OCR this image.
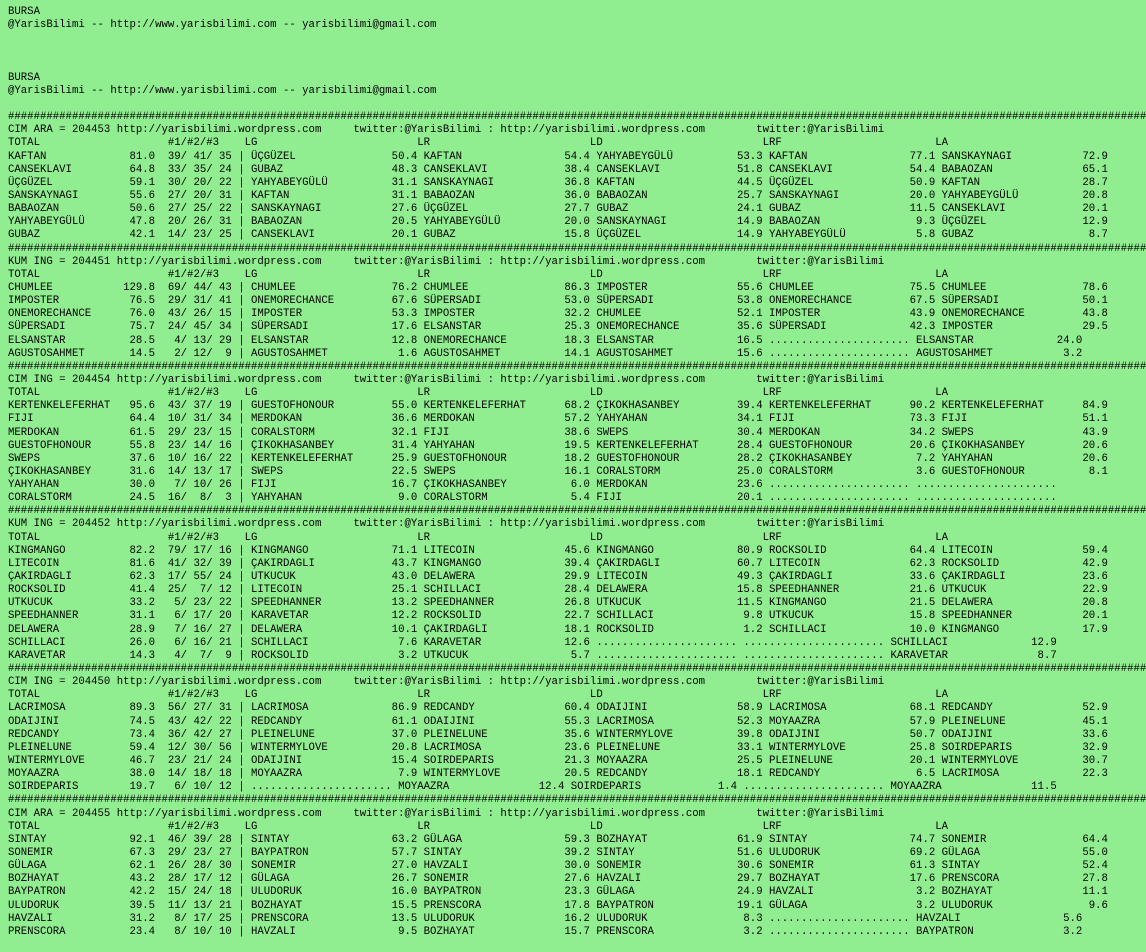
BURSA
@YarisBilimi -- http://www.yarisbilimi.com -- yarisbilimi@gmail.com
BURSA
@YarisBilimi -- http://www.yarisbilimi.com -- yarisbilimi@gmail.com
##################################################################################################################################################################################
CIM ARA = 204453 http://yarisbilimi.wordpress.com     twitter:@YarisBilimi : http://yarisbilimi.wordpress.com        twitter:@YarisBilimi
TOTAL                    #1/#2/#3    LG                         LR                         LD                         LRF                        LA
KAFTAN             81.0  39/ 41/ 35 | ÜÇGÜZEL               50.4 KAFTAN                54.4 YAHYABEYGÜLÜ          53.3 KAFTAN                77.1 SANSKAYNAGI           72.9
CANSEKLAVI         64.8  33/ 35/ 24 | GUBAZ                 48.3 CANSEKLAVI            38.4 CANSEKLAVI            51.8 CANSEKLAVI            54.4 BABAOZAN              65.1
ÜÇGÜZEL            59.1  30/ 20/ 22 | YAHYABEYGÜLÜ          31.1 SANSKAYNAGI           36.8 KAFTAN                44.5 ÜÇGÜZEL               50.9 KAFTAN                28.7
SANSKAYNAGI        55.6  27/ 20/ 31 | KAFTAN                31.1 BABAOZAN              36.0 BABAOZAN              25.7 SANSKAYNAGI           20.0 YAHYABEYGÜLÜ          20.8
BABAOZAN           50.6  27/ 25/ 22 | SANSKAYNAGI           27.6 ÜÇGÜZEL               27.7 GUBAZ                 24.1 GUBAZ                 11.5 CANSEKLAVI            20.1
YAHYABEYGÜLÜ       47.8  20/ 26/ 31 | BABAOZAN              20.5 YAHYABEYGÜLÜ          20.0 SANSKAYNAGI           14.9 BABAOZAN               9.3 ÜÇGÜZEL               12.9
GUBAZ              42.1  14/ 23/ 25 | CANSEKLAVI            20.1 GUBAZ                 15.8 ÜÇGÜZEL               14.9 YAHYABEYGÜLÜ           5.8 GUBAZ                  8.7
##################################################################################################################################################################################
KUM ING = 204451 http://yarisbilimi.wordpress.com     twitter:@YarisBilimi : http://yarisbilimi.wordpress.com        twitter:@YarisBilimi
TOTAL                    #1/#2/#3    LG                         LR                         LD                         LRF                        LA
CHUMLEE           129.8  69/ 44/ 43 | CHUMLEE               76.2 CHUMLEE               86.3 IMPOSTER              55.6 CHUMLEE               75.5 CHUMLEE               78.6
IMPOSTER           76.5  29/ 31/ 41 | ONEMORECHANCE         67.6 SÜPERSADI             53.0 SÜPERSADI             53.8 ONEMORECHANCE         67.5 SÜPERSADI             50.1
ONEMORECHANCE      76.0  43/ 26/ 15 | IMPOSTER              53.3 IMPOSTER              32.2 CHUMLEE               52.1 IMPOSTER              43.9 ONEMORECHANCE         43.8
SÜPERSADI          75.7  24/ 45/ 34 | SÜPERSADI             17.6 ELSANSTAR             25.3 ONEMORECHANCE         35.6 SÜPERSADI             42.3 IMPOSTER              29.5
ELSANSTAR          28.5   4/ 13/ 29 | ELSANSTAR             12.8 ONEMORECHANCE         18.3 ELSANSTAR             16.5 ...................... ELSANSTAR             24.0
AGUSTOSAHMET       14.5   2/ 12/  9 | AGUSTOSAHMET           1.6 AGUSTOSAHMET          14.1 AGUSTOSAHMET          15.6 ...................... AGUSTOSAHMET           3.2
##################################################################################################################################################################################
CIM ING = 204454 http://yarisbilimi.wordpress.com     twitter:@YarisBilimi : http://yarisbilimi.wordpress.com        twitter:@YarisBilimi
TOTAL                    #1/#2/#3    LG                         LR                         LD                         LRF                        LA
KERTENKELEFERHAT   95.6  43/ 37/ 19 | GUESTOFHONOUR         55.0 KERTENKELEFERHAT      68.2 ÇIKOKHASANBEY         39.4 KERTENKELEFERHAT      90.2 KERTENKELEFERHAT      84.9
FIJI               64.4  10/ 31/ 34 | MERDOKAN              36.6 MERDOKAN              57.2 YAHYAHAN              34.1 FIJI                  73.3 FIJI                  51.1
MERDOKAN           61.5  29/ 23/ 15 | CORALSTORM            32.1 FIJI                  38.6 SWEPS                 30.4 MERDOKAN              34.2 SWEPS                 43.9
GUESTOFHONOUR      55.8  23/ 14/ 16 | ÇIKOKHASANBEY         31.4 YAHYAHAN              19.5 KERTENKELEFERHAT      28.4 GUESTOFHONOUR         20.6 ÇIKOKHASANBEY         20.6
SWEPS              37.6  10/ 16/ 22 | KERTENKELEFERHAT      25.9 GUESTOFHONOUR         18.2 GUESTOFHONOUR         28.2 ÇIKOKHASANBEY          7.2 YAHYAHAN              20.6
ÇIKOKHASANBEY      31.6  14/ 13/ 17 | SWEPS                 22.5 SWEPS                 16.1 CORALSTORM            25.0 CORALSTORM             3.6 GUESTOFHONOUR          8.1
YAHYAHAN           30.0   7/ 10/ 26 | FIJI                  16.7 ÇIKOKHASANBEY          6.0 MERDOKAN              23.6 ...................... ......................
CORALSTORM         24.5  16/  8/  3 | YAHYAHAN               9.0 CORALSTORM             5.4 FIJI                  20.1 ...................... ......................
##################################################################################################################################################################################
KUM ING = 204452 http://yarisbilimi.wordpress.com     twitter:@YarisBilimi : http://yarisbilimi.wordpress.com        twitter:@YarisBilimi
TOTAL                    #1/#2/#3    LG                         LR                         LD                         LRF                        LA
KINGMANGO          82.2  79/ 17/ 16 | KINGMANGO             71.1 LITECOIN              45.6 KINGMANGO             80.9 ROCKSOLID             64.4 LITECOIN              59.4
LITECOIN           81.6  41/ 32/ 39 | ÇAKIRDAGLI            43.7 KINGMANGO             39.4 ÇAKIRDAGLI            60.7 LITECOIN              62.3 ROCKSOLID             42.9
ÇAKIRDAGLI         62.3  17/ 55/ 24 | UTKUCUK               43.0 DELAWERA              29.9 LITECOIN              49.3 ÇAKIRDAGLI            33.6 ÇAKIRDAGLI            23.6
ROCKSOLID          41.4  25/  7/ 12 | LITECOIN              25.1 SCHILLACI             28.4 DELAWERA              15.8 SPEEDHANNER           21.6 UTKUCUK               22.9
UTKUCUK            33.2   5/ 23/ 22 | SPEEDHANNER           13.2 SPEEDHANNER           26.8 UTKUCUK               11.5 KINGMANGO             21.5 DELAWERA              20.8
SPEEDHANNER        31.1   6/ 17/ 20 | KARAVETAR             12.2 ROCKSOLID             22.7 SCHILLACI              9.8 UTKUCUK               15.8 SPEEDHANNER           20.1
DELAWERA           28.9   7/ 16/ 27 | DELAWERA              10.1 ÇAKIRDAGLI            18.1 ROCKSOLID              1.2 SCHILLACI             10.0 KINGMANGO             17.9
SCHILLACI          26.0   6/ 16/ 21 | SCHILLACI              7.6 KARAVETAR             12.6 ...................... ...................... SCHILLACI             12.9
KARAVETAR          14.3   4/  7/  9 | ROCKSOLID              3.2 UTKUCUK                5.7 ...................... ...................... KARAVETAR              8.7
##################################################################################################################################################################################
CIM ING = 204450 http://yarisbilimi.wordpress.com     twitter:@YarisBilimi : http://yarisbilimi.wordpress.com        twitter:@YarisBilimi
TOTAL                    #1/#2/#3    LG                         LR                         LD                         LRF                        LA
LACRIMOSA          89.3  56/ 27/ 31 | LACRIMOSA             86.9 REDCANDY              60.4 ODAIJINI              58.9 LACRIMOSA             68.1 REDCANDY              52.9
ODAIJINI           74.5  43/ 42/ 22 | REDCANDY              61.1 ODAIJINI              55.3 LACRIMOSA             52.3 MOYAAZRA              57.9 PLEINELUNE            45.1
REDCANDY           73.4  36/ 42/ 27 | PLEINELUNE            37.0 PLEINELUNE            35.6 WINTERMYLOVE          39.8 ODAIJINI              50.7 ODAIJINI              33.6
PLEINELUNE         59.4  12/ 30/ 56 | WINTERMYLOVE          20.8 LACRIMOSA             23.6 PLEINELUNE            33.1 WINTERMYLOVE          25.8 SOIRDEPARIS           32.9
WINTERMYLOVE       46.7  23/ 21/ 24 | ODAIJINI              15.4 SOIRDEPARIS           21.3 MOYAAZRA              25.5 PLEINELUNE            20.1 WINTERMYLOVE          30.7
MOYAAZRA           38.0  14/ 18/ 18 | MOYAAZRA               7.9 WINTERMYLOVE          20.5 REDCANDY              18.1 REDCANDY               6.5 LACRIMOSA             22.3
SOIRDEPARIS        19.7   6/ 10/ 12 | ...................... MOYAAZRA              12.4 SOIRDEPARIS            1.4 ...................... MOYAAZRA              11.5
##################################################################################################################################################################################
CIM ARA = 204455 http://yarisbilimi.wordpress.com     twitter:@YarisBilimi : http://yarisbilimi.wordpress.com        twitter:@YarisBilimi
TOTAL                    #1/#2/#3    LG                         LR                         LD                         LRF                        LA
SINTAY             92.1  46/ 39/ 28 | SINTAY                63.2 GÜLAGA                59.3 BOZHAYAT              61.9 SINTAY                74.7 SONEMIR               64.4
SONEMIR            67.3  29/ 23/ 27 | BAYPATRON             57.7 SINTAY                39.2 SINTAY                51.6 ULUDORUK              69.2 GÜLAGA                55.0
GÜLAGA             62.1  26/ 28/ 30 | SONEMIR               27.0 HAVZALI               30.0 SONEMIR               30.6 SONEMIR               61.3 SINTAY                52.4
BOZHAYAT           43.2  28/ 17/ 12 | GÜLAGA                26.7 SONEMIR               27.6 HAVZALI               29.7 BOZHAYAT              17.6 PRENSCORA             27.8
BAYPATRON          42.2  15/ 24/ 18 | ULUDORUK              16.0 BAYPATRON             23.3 GÜLAGA                24.9 HAVZALI                3.2 BOZHAYAT              11.1
ULUDORUK           39.5  11/ 13/ 21 | BOZHAYAT              15.5 PRENSCORA             17.8 BAYPATRON             19.1 GÜLAGA                 3.2 ULUDORUK               9.6
HAVZALI            31.2   8/ 17/ 25 | PRENSCORA             13.5 ULUDORUK              16.2 ULUDORUK               8.3 ...................... HAVZALI                5.6
PRENSCORA          23.4   8/ 10/ 10 | HAVZALI                9.5 BOZHAYAT              15.7 PRENSCORA              3.2 ...................... BAYPATRON              3.2
